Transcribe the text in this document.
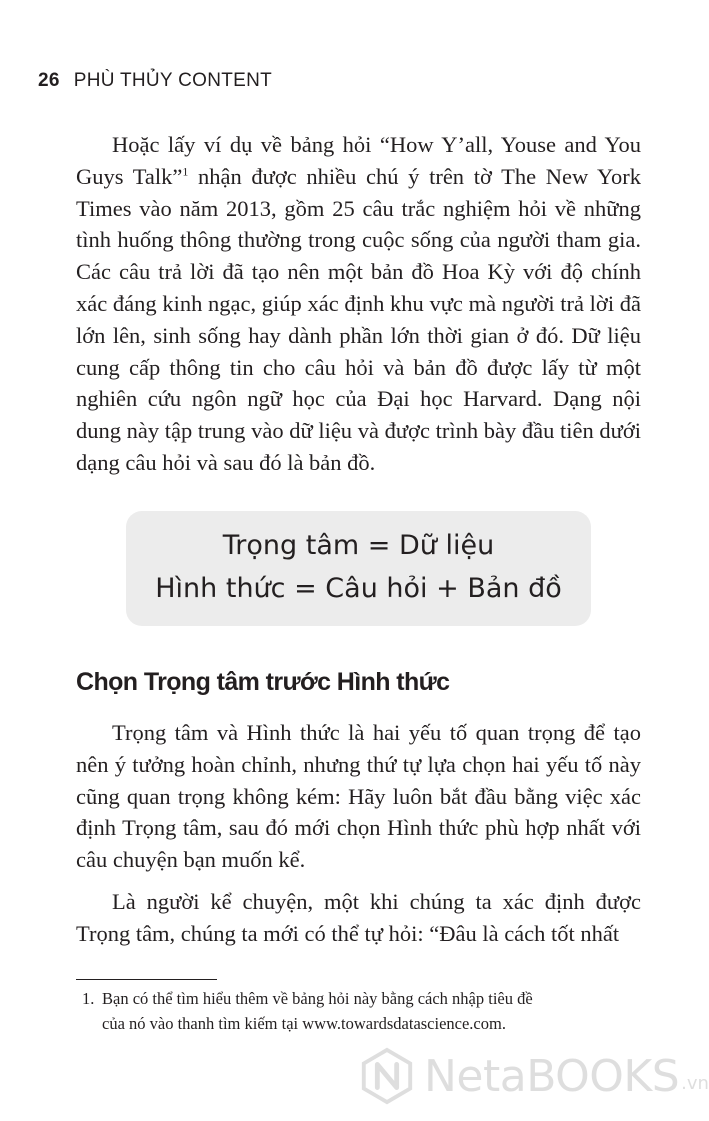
26 PHÙ THỦY CONTENT

Hoặc lấy ví dụ về bảng hỏi “How Y’all, Youse and You Guys Talk”$^1$ nhận được nhiều chú ý trên tờ The New York Times vào năm 2013, gồm 25 câu trắc nghiệm hỏi về những tình huống thông thường trong cuộc sống của người tham gia. Các câu trả lời đã tạo nên một bản đồ Hoa Kỳ với độ chính xác đáng kinh ngạc, giúp xác định khu vực mà người trả lời đã lớn lên, sinh sống hay dành phần lớn thời gian ở đó. Dữ liệu cung cấp thông tin cho câu hỏi và bản đồ được lấy từ một nghiên cứu ngôn ngữ học của Đại học Harvard. Dạng nội dung này tập trung vào dữ liệu và được trình bày đầu tiên dưới dạng câu hỏi và sau đó là bản đồ.

Trọng tâm = Dữ liệu
Hình thức = Câu hỏi + Bản đồ
Chọn Trọng tâm trước Hình thức

Trọng tâm và Hình thức là hai yếu tố quan trọng để tạo nên ý tưởng hoàn chỉnh, nhưng thứ tự lựa chọn hai yếu tố này cũng quan trọng không kém: Hãy luôn bắt đầu bằng việc xác định Trọng tâm, sau đó mới chọn Hình thức phù hợp nhất với câu chuyện bạn muốn kể.

Là người kể chuyện, một khi chúng ta xác định được Trọng tâm, chúng ta mới có thể tự hỏi: “Đâu là cách tốt nhất

1. Bạn có thể tìm hiểu thêm về bảng hỏi này bằng cách nhập tiêu đề của nó vào thanh tìm kiếm tại www.towardsdatascience.com.
NetaBOOKS .vn
